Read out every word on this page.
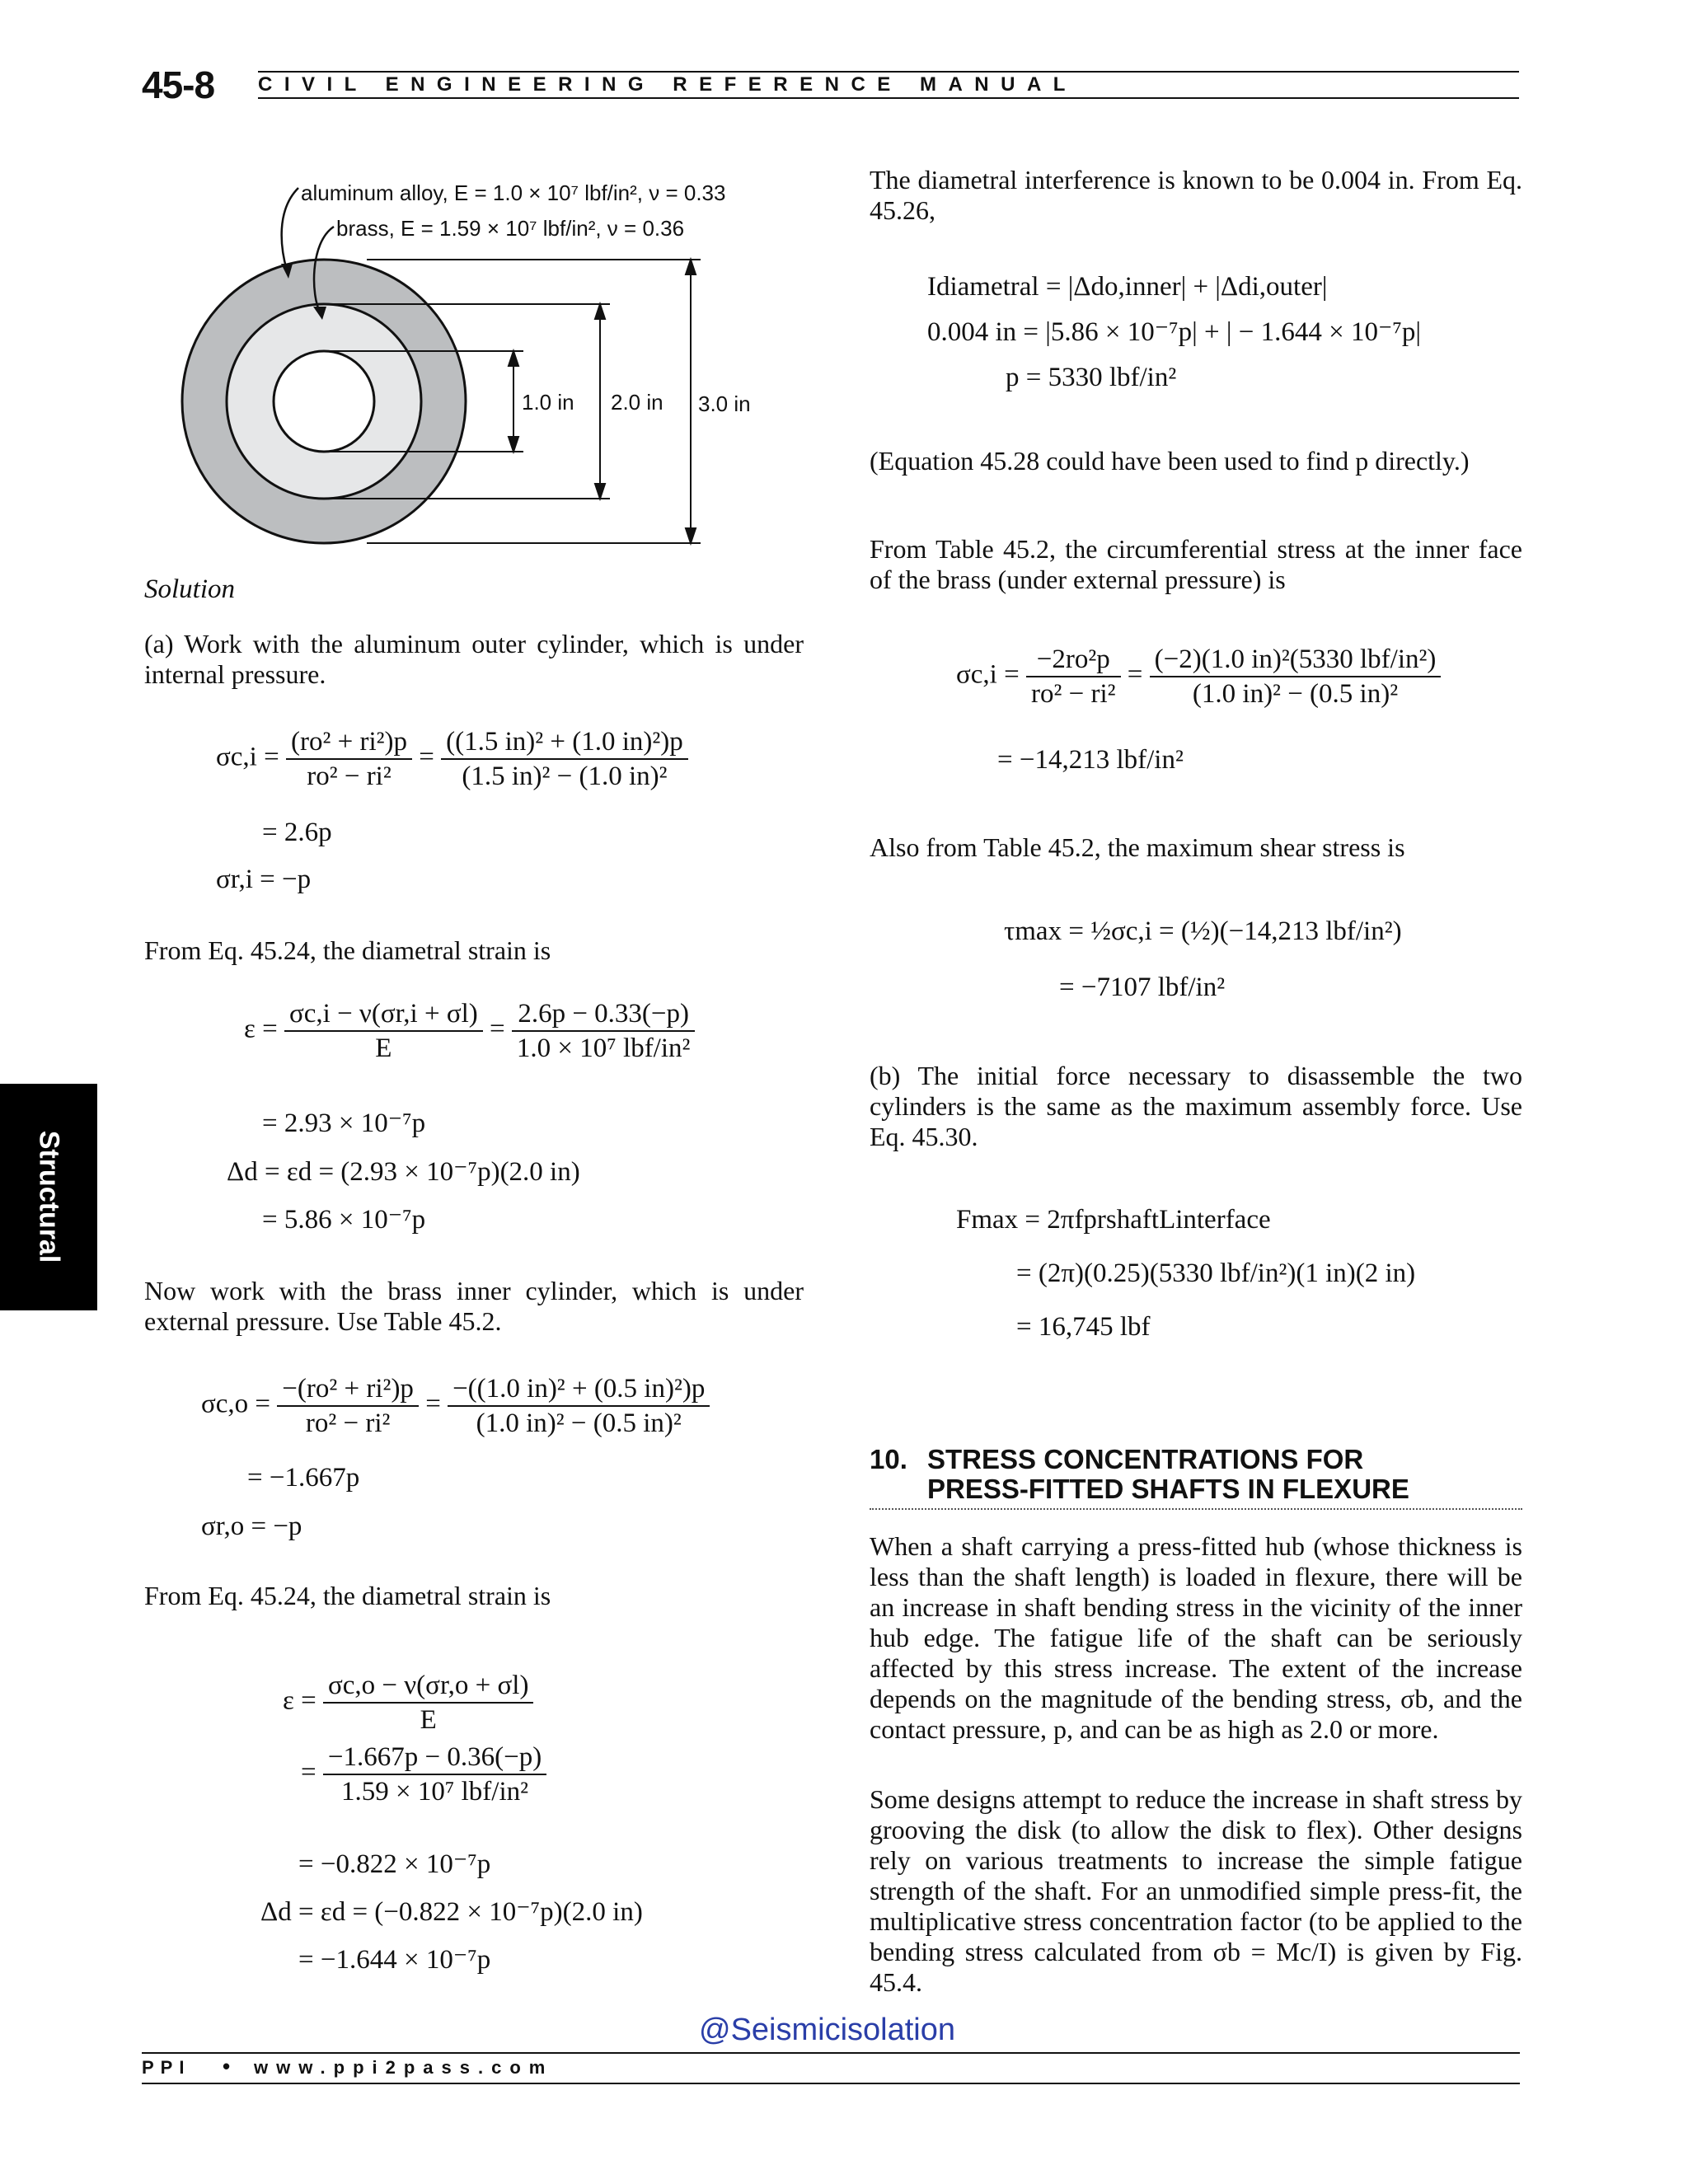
45-8 CIVIL ENGINEERING REFERENCE MANUAL
Structural
aluminum alloy, E = 1.0 × 10⁷ lbf/in², ν = 0.33
brass, E = 1.59 × 10⁷ lbf/in², ν = 0.36
1.0 in 2.0 in 3.0 in
Solution
(a) Work with the aluminum outer cylinder, which is under internal pressure.
$\sigma c,i = \frac{\text{(ro² + ri²)p}}{\text{ro² − ri²}} = \frac{\text{((1.5 in)² + (1.0 in)²)p}}{\text{(1.5 in)² − (1.0 in)²}}$
= 2.6p
σr,i = −p
From Eq. 45.24, the diametral strain is
$\varepsilon = \frac{\sigma c,i - \nu(\sigma r,i + \sigma l)}{E} = \frac{2.6p - 0.33(-p)}{\text{1.0 × 10⁷ lbf/in²}}$
= 2.93 × 10⁻⁷p
Δd = εd = (2.93 × 10⁻⁷p)(2.0 in)
= 5.86 × 10⁻⁷p
Now work with the brass inner cylinder, which is under external pressure. Use Table 45.2.
$\sigma c,o = \frac{\text{−(ro² + ri²)p}}{\text{ro² − ri²}} = \frac{\text{−((1.0 in)² + (0.5 in)²)p}}{\text{(1.0 in)² − (0.5 in)²}}$
= −1.667p
σr,o = −p
From Eq. 45.24, the diametral strain is
$\varepsilon = \frac{\sigma c,o - \nu(\sigma r,o + \sigma l)}{E}$
= $\frac{-1.667p - 0.36(-p)}{\text{1.59 × 10⁷ lbf/in²}}$
= −0.822 × 10⁻⁷p
Δd = εd = (−0.822 × 10⁻⁷p)(2.0 in)
= −1.644 × 10⁻⁷p
The diametral interference is known to be 0.004 in. From Eq. 45.26,
Idiametral = |Δdo,inner| + |Δdi,outer|
0.004 in = |5.86 × 10⁻⁷p| + | − 1.644 × 10⁻⁷p|
p = 5330 lbf/in²
(Equation 45.28 could have been used to find p directly.)
From Table 45.2, the circumferential stress at the inner face of the brass (under external pressure) is
$\sigma c,i = \frac{\text{−2ro²p}}{\text{ro² − ri²}} = \frac{\text{(−2)(1.0 in)²(5330 lbf/in²)}}{\text{(1.0 in)² − (0.5 in)²}}$
= −14,213 lbf/in²
Also from Table 45.2, the maximum shear stress is
τmax = ½σc,i = (½)(−14,213 lbf/in²)
= −7107 lbf/in²
(b) The initial force necessary to disassemble the two cylinders is the same as the maximum assembly force. Use Eq. 45.30.
Fmax = 2πfprshaftLinterface
= (2π)(0.25)(5330 lbf/in²)(1 in)(2 in)
= 16,745 lbf
10. STRESS CONCENTRATIONS FOR
PRESS-FITTED SHAFTS IN FLEXURE
When a shaft carrying a press-fitted hub (whose thickness is less than the shaft length) is loaded in flexure, there will be an increase in shaft bending stress in the vicinity of the inner hub edge. The fatigue life of the shaft can be seriously affected by this stress increase. The extent of the increase depends on the magnitude of the bending stress, σb, and the contact pressure, p, and can be as high as 2.0 or more.
Some designs attempt to reduce the increase in shaft stress by grooving the disk (to allow the disk to flex). Other designs rely on various treatments to increase the simple fatigue strength of the shaft. For an unmodified simple press-fit, the multiplicative stress concentration factor (to be applied to the bending stress calculated from σb = Mc/I) is given by Fig. 45.4.
@Seismicisolation
PPI • www.ppi2pass.com
